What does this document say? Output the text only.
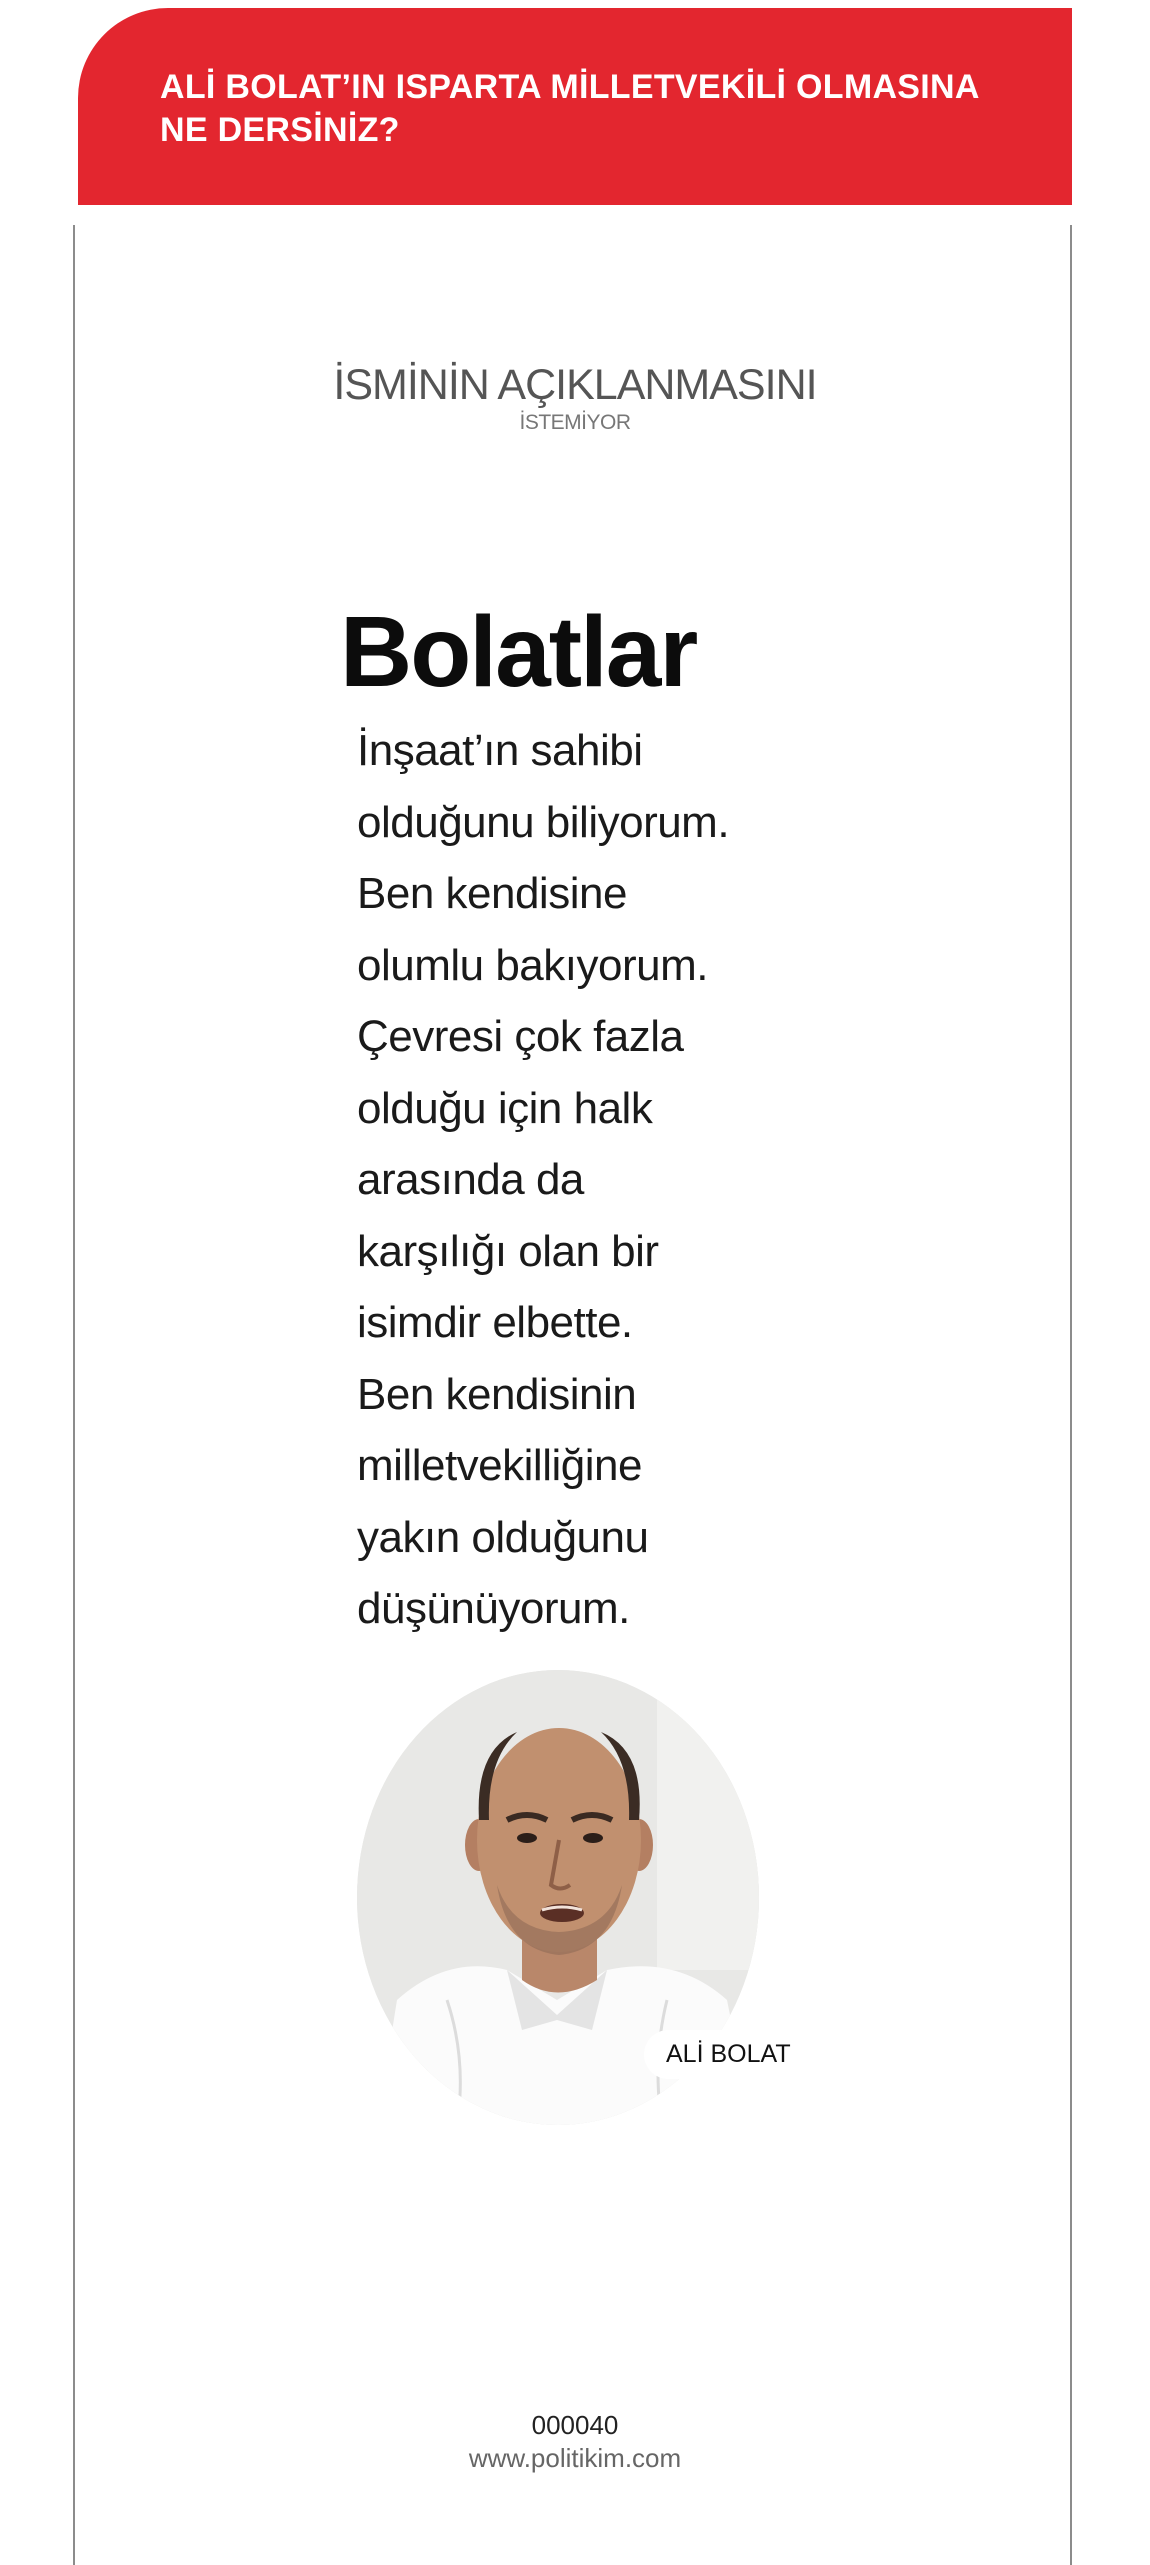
ALİ BOLAT’IN ISPARTA MİLLETVEKİLİ OLMASINA
NE DERSİNİZ?

İSMİNİN AÇIKLANMASINI
İSTEMİYOR
Bolatlar

İnşaat’ın sahibi
olduğunu biliyorum.
Ben kendisine
olumlu bakıyorum.
Çevresi çok fazla
olduğu için halk
arasında da
karşılığı olan bir
isimdir elbette.
Ben kendisinin
milletvekilliğine
yakın olduğunu
düşünüyorum.

ALİ BOLAT
000040
www.politikim.com
